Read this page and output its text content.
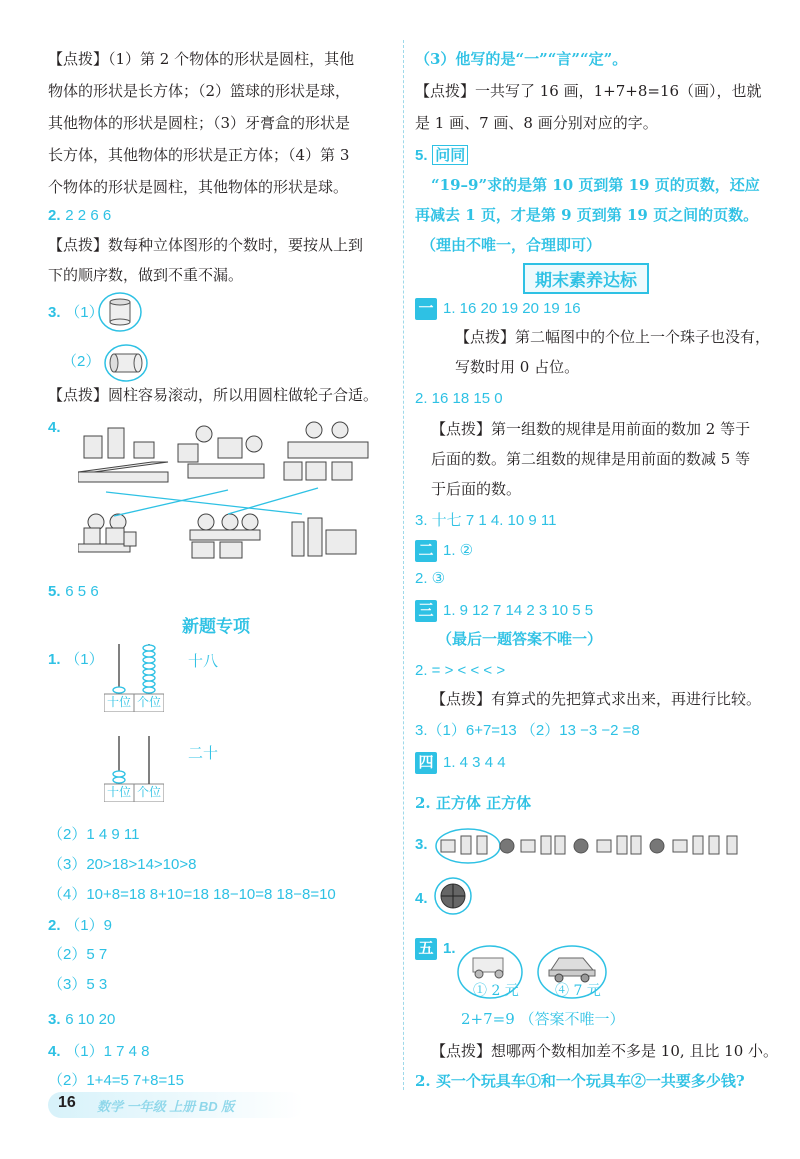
【点拨】（1）第 2 个物体的形状是圆柱，其他
物体的形状是长方体；（2）篮球的形状是球，
其他物体的形状是圆柱；（3）牙膏盒的形状是
长方体，其他物体的形状是正方体；（4）第 3
个物体的形状是圆柱，其他物体的形状是球。
2. 2 2 6 6
【点拨】数每种立体图形的个数时，要按从上到
下的顺序数，做到不重不漏。
3. （1）
（2）
【点拨】圆柱容易滚动，所以用圆柱做轮子合适。
4.
5. 6 5 6
新题专项
1. （1）
十位 个位
十八
十位 个位
二十
（2）1 4 9 11
（3）20>18>14>10>8
（4）10+8=18 8+10=18 18−10=8 18−8=10
2. （1）9
（2）5 7
（3）5 3
3. 6 10 20
4. （1）1 7 4 8
（2）1+4=5 7+8=15
（3）他写的是“一”“言”“定”。
【点拨】一共写了 16 画，1+7+8=16（画），也就
是 1 画、7 画、8 画分别对应的字。
5. 问同
“19–9”求的是第 10 页到第 19 页的页数，还应
再减去 1 页，才是第 9 页到第 19 页之间的页数。
（理由不唯一，合理即可）
期末素养达标
一 1. 16 20 19 20 19 16
【点拨】第二幅图中的个位上一个珠子也没有，
写数时用 0 占位。
2. 16 18 15 0
【点拨】第一组数的规律是用前面的数加 2 等于
后面的数。第二组数的规律是用前面的数减 5 等
于后面的数。
3. 十七 7 1 4. 10 9 11
二 1. ②
2. ③
三 1. 9 12 7 14 2 3 10 5 5
（最后一题答案不唯一）
2. = > < < < >
【点拨】有算式的先把算式求出来，再进行比较。
3.（1）6+7=13 （2）13 −3 −2 =8
四 1. 4 3 4 4
2. 正方体 正方体
3.
4.
五 1.
① 2 元	④ 7 元
2+7=9 （答案不唯一）
【点拨】想哪两个数相加差不多是 10, 且比 10 小。
2. 买一个玩具车①和一个玩具车②一共要多少钱?
16 数学 一年级 上册 BD 版
